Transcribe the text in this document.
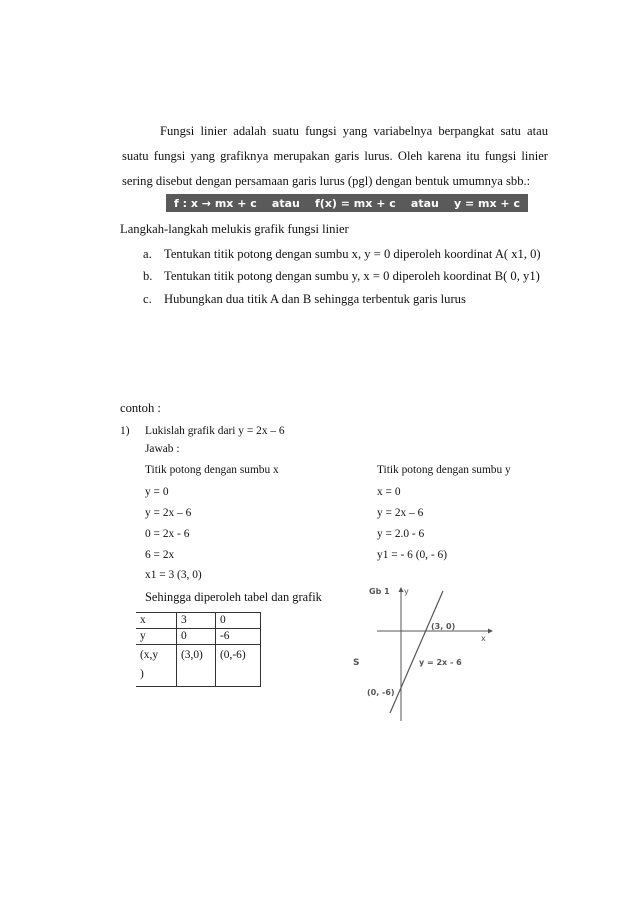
Fungsi linier adalah suatu fungsi yang variabelnya berpangkat satu atau
suatu fungsi yang grafiknya merupakan garis lurus. Oleh karena itu fungsi linier
sering disebut dengan persamaan garis lurus (pgl) dengan bentuk umumnya sbb.:
f : x → mx + c atau f(x) = mx + c atau y = mx + c
Langkah-langkah melukis grafik fungsi linier
a. Tentukan titik potong dengan sumbu x, y = 0 diperoleh koordinat A( x1, 0)
b. Tentukan titik potong dengan sumbu y, x = 0 diperoleh koordinat B( 0, y1)
c. Hubungkan dua titik A dan B sehingga terbentuk garis lurus
contoh :
1) Lukislah grafik dari y = 2x – 6
Jawab :
Titik potong dengan sumbu x
y = 0
y = 2x – 6
0 = 2x - 6
6 = 2x
x1 = 3 (3, 0)
Titik potong dengan sumbu y
x = 0
y = 2x – 6
y = 2.0 - 6
y1 = - 6 (0, - 6)
Sehingga diperoleh tabel dan grafik
x	3	0
y	0	-6
(x,y	(3,0)	(0,-6)
)		
Gb 1 y
x
(3, 0)
(0, -6)
y = 2x - 6
S
